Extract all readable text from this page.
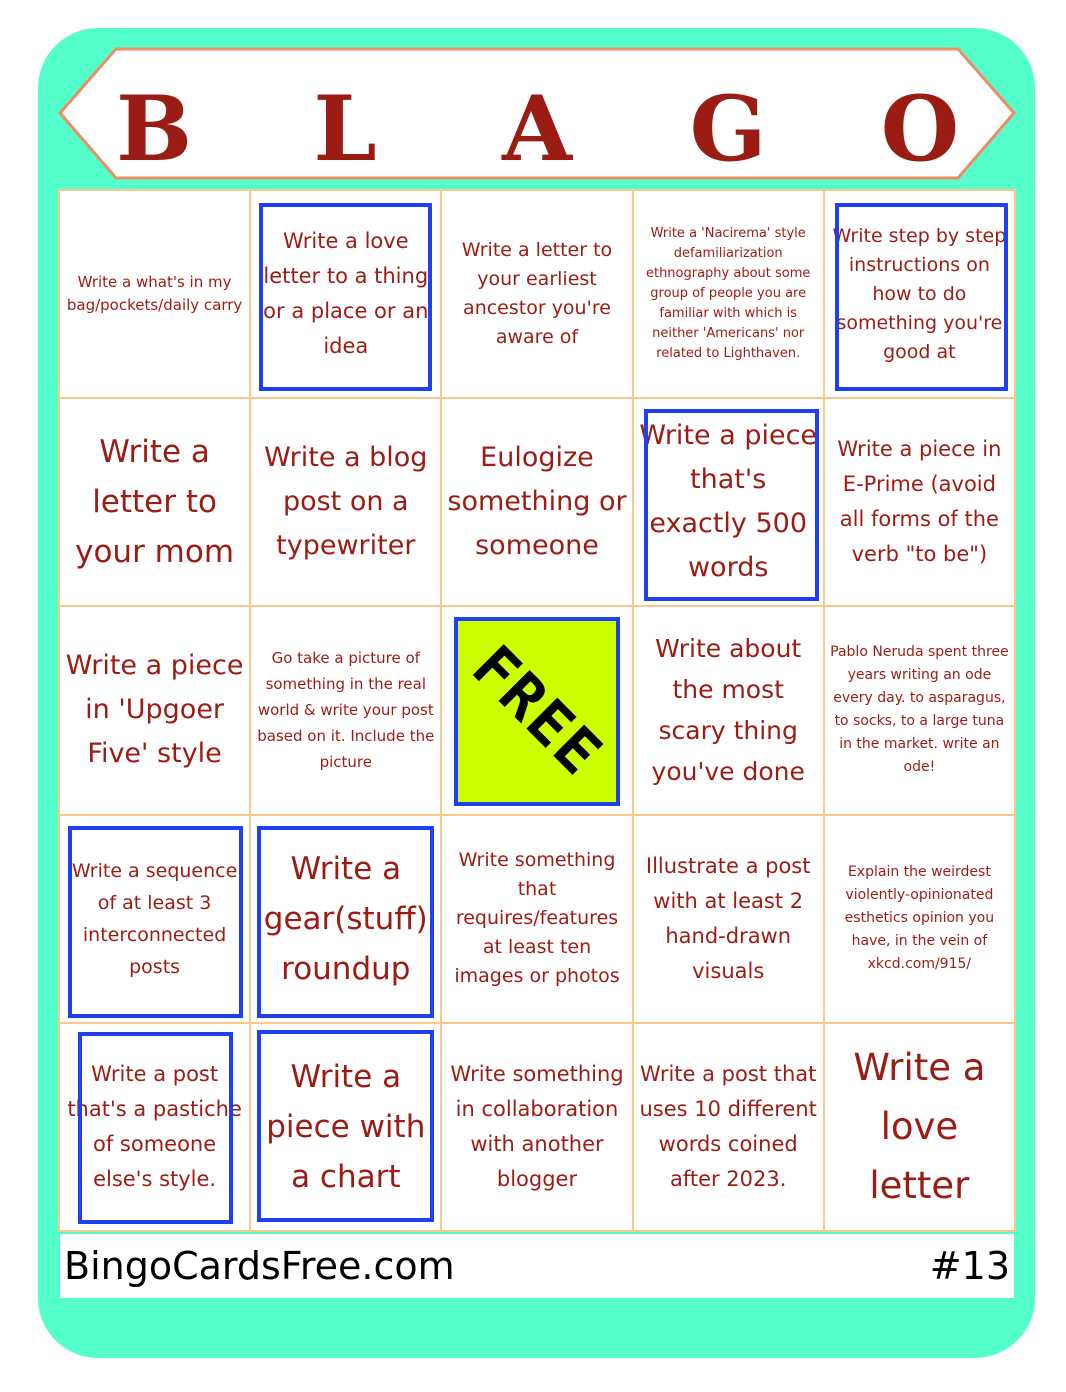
B L A G O
Write a what's in my bag/pockets/daily carry
Write a love letter to a thing or a place or an idea
Write a letter to your earliest ancestor you're aware of
Write a 'Nacirema' style defamiliarization ethnography about some group of people you are familiar with which is neither 'Americans' nor related to Lighthaven.
Write step by step instructions on how to do something you're good at
Write a letter to your mom
Write a blog post on a typewriter
Eulogize something or someone
Write a piece that's exactly 500 words
Write a piece in E-Prime (avoid all forms of the verb "to be")
Write a piece in 'Upgoer Five' style
Go take a picture of something in the real world & write your post based on it. Include the picture	FREE	Write about the most scary thing you've done
Pablo Neruda spent three years writing an ode every day. to asparagus, to socks, to a large tuna in the market. write an ode!
Write a sequence of at least 3 interconnected posts
Write a gear(stuff) roundup
Write something that requires/features at least ten images or photos
Illustrate a post with at least 2 hand-drawn visuals
Explain the weirdest violently-opinionated esthetics opinion you have, in the vein of xkcd.com/915/
Write a post that's a pastiche of someone else's style.
Write a piece with a chart
Write something in collaboration with another blogger
Write a post that uses 10 different words coined after 2023.
Write a love letter
BingoCardsFree.com	#13
